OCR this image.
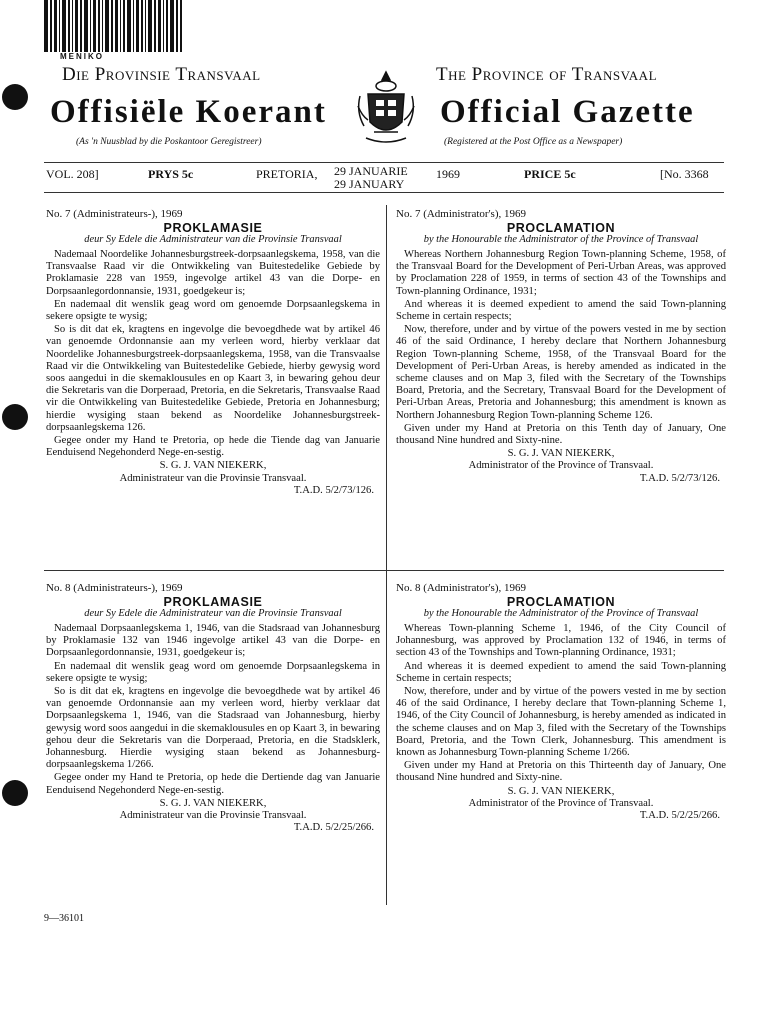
MENIKO
Die Provinsie Transvaal	The Province of Transvaal
Offisiële Koerant	Official Gazette
(As 'n Nuusblad by die Poskantoor Geregistreer)	(Registered at the Post Office as a Newspaper)
VOL. 208]	PRYS 5c	PRETORIA, 29 JANUARIE
29 JANUARY
1969	PRICE 5c	[No. 3368
No. 7 (Administrateurs-), 1969
PROKLAMASIE
deur Sy Edele die Administrateur van die Provinsie Transvaal

Nademaal Noordelike Johannesburgstreek-dorpsaanlegskema, 1958, van die Transvaalse Raad vir die Ontwikkeling van Buitestedelike Gebiede by Proklamasie 228 van 1959, ingevolge artikel 43 van die Dorpe- en Dorpsaanlegordonnansie, 1931, goedgekeur is;

En nademaal dit wenslik geag word om genoemde Dorpsaanlegskema in sekere opsigte te wysig;

So is dit dat ek, kragtens en ingevolge die bevoegdhede wat by artikel 46 van genoemde Ordonnansie aan my verleen word, hierby verklaar dat Noordelike Johannesburgstreek-dorpsaanlegskema, 1958, van die Transvaalse Raad vir die Ontwikkeling van Buitestedelike Gebiede, hierby gewysig word soos aangedui in die skemaklousules en op Kaart 3, in bewaring gehou deur die Sekretaris van die Dorperaad, Pretoria, en die Sekretaris, Transvaalse Raad vir die Ontwikkeling van Buitestedelike Gebiede, Pretoria en Johannesburg; hierdie wysiging staan bekend as Noordelike Johannesburgstreek-dorpsaanlegskema 126.

Gegee onder my Hand te Pretoria, op hede die Tiende dag van Januarie Eenduisend Negehonderd Nege-en-sestig.

S. G. J. VAN NIEKERK,
Administrateur van die Provinsie Transvaal.
T.A.D. 5/2/73/126.
No. 7 (Administrator's), 1969
PROCLAMATION
by the Honourable the Administrator of the Province of Transvaal

Whereas Northern Johannesburg Region Town-planning Scheme, 1958, of the Transvaal Board for the Development of Peri-Urban Areas, was approved by Proclamation 228 of 1959, in terms of section 43 of the Townships and Town-planning Ordinance, 1931;

And whereas it is deemed expedient to amend the said Town-planning Scheme in certain respects;

Now, therefore, under and by virtue of the powers vested in me by section 46 of the said Ordinance, I hereby declare that Northern Johannesburg Region Town-planning Scheme, 1958, of the Transvaal Board for the Development of Peri-Urban Areas, is hereby amended as indicated in the scheme clauses and on Map 3, filed with the Secretary of the Townships Board, Pretoria, and the Secretary, Transvaal Board for the Development of Peri-Urban Areas, Pretoria and Johannesburg; this amendment is known as Northern Johannesburg Region Town-planning Scheme 126.

Given under my Hand at Pretoria on this Tenth day of January, One thousand Nine hundred and Sixty-nine.

S. G. J. VAN NIEKERK,
Administrator of the Province of Transvaal.
T.A.D. 5/2/73/126.
No. 8 (Administrateurs-), 1969
PROKLAMASIE
deur Sy Edele die Administrateur van die Provinsie Transvaal

Nademaal Dorpsaanlegskema 1, 1946, van die Stadsraad van Johannesburg by Proklamasie 132 van 1946 ingevolge artikel 43 van die Dorpe- en Dorpsaanlegordonnansie, 1931, goedgekeur is;

En nademaal dit wenslik geag word om genoemde Dorpsaanlegskema in sekere opsigte te wysig;

So is dit dat ek, kragtens en ingevolge die bevoegdhede wat by artikel 46 van genoemde Ordonnansie aan my verleen word, hierby verklaar dat Dorpsaanlegskema 1, 1946, van die Stadsraad van Johannesburg, hierby gewysig word soos aangedui in die skemaklousules en op Kaart 3, in bewaring gehou deur die Sekretaris van die Dorperaad, Pretoria, en die Stadsklerk, Johannesburg. Hierdie wysiging staan bekend as Johannesburg-dorpsaanlegskema 1/266.

Gegee onder my Hand te Pretoria, op hede die Dertiende dag van Januarie Eenduisend Negehonderd Nege-en-sestig.

S. G. J. VAN NIEKERK,
Administrateur van die Provinsie Transvaal.
T.A.D. 5/2/25/266.
No. 8 (Administrator's), 1969
PROCLAMATION
by the Honourable the Administrator of the Province of Transvaal

Whereas Town-planning Scheme 1, 1946, of the City Council of Johannesburg, was approved by Proclamation 132 of 1946, in terms of section 43 of the Townships and Town-planning Ordinance, 1931;

And whereas it is deemed expedient to amend the said Town-planning Scheme in certain respects;

Now, therefore, under and by virtue of the powers vested in me by section 46 of the said Ordinance, I hereby declare that Town-planning Scheme 1, 1946, of the City Council of Johannesburg, is hereby amended as indicated in the scheme clauses and on Map 3, filed with the Secretary of the Townships Board, Pretoria, and the Town Clerk, Johannesburg. This amendment is known as Johannesburg Town-planning Scheme 1/266.

Given under my Hand at Pretoria on this Thirteenth day of January, One thousand Nine hundred and Sixty-nine.

S. G. J. VAN NIEKERK,
Administrator of the Province of Transvaal.
T.A.D. 5/2/25/266.
9—36101
